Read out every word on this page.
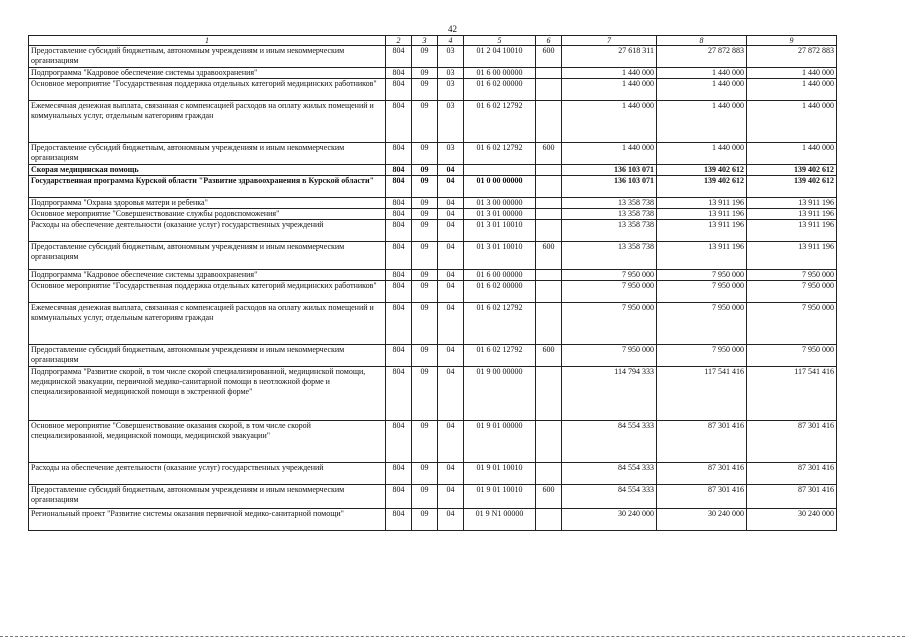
42
1	2	3	4	5	6	7	8	9
Предоставление субсидий бюджетным, автономным учреждениям и иным некоммерческим организациям	804	09	03	01 2 04 10010	600	27 618 311	27 872 883	27 872 883
Подпрограмма "Кадровое обеспечение системы здравоохранения"	804	09	03	01 6 00 00000		1 440 000	1 440 000	1 440 000
Основное мероприятие "Государственная поддержка отдельных категорий медицинских работников"	804	09	03	01 6 02 00000		1 440 000	1 440 000	1 440 000
Ежемесячная денежная выплата, связанная с компенсацией расходов на оплату жилых помещений и коммунальных услуг, отдельным категориям граждан	804	09	03	01 6 02 12792		1 440 000	1 440 000	1 440 000
Предоставление субсидий бюджетным, автономным учреждениям и иным некоммерческим организациям	804	09	03	01 6 02 12792	600	1 440 000	1 440 000	1 440 000
Скорая медицинская помощь	804	09	04			136 103 071	139 402 612	139 402 612
Государственная программа Курской области "Развитие здравоохранения в Курской области"	804	09	04	01 0 00 00000		136 103 071	139 402 612	139 402 612
Подпрограмма "Охрана здоровья матери и ребенка"	804	09	04	01 3 00 00000		13 358 738	13 911 196	13 911 196
Основное мероприятие "Совершенствование службы родовспоможения"	804	09	04	01 3 01 00000		13 358 738	13 911 196	13 911 196
Расходы на обеспечение деятельности (оказание услуг) государственных учреждений	804	09	04	01 3 01 10010		13 358 738	13 911 196	13 911 196
Предоставление субсидий бюджетным, автономным учреждениям и иным некоммерческим организациям	804	09	04	01 3 01 10010	600	13 358 738	13 911 196	13 911 196
Подпрограмма "Кадровое обеспечение системы здравоохранения"	804	09	04	01 6 00 00000		7 950 000	7 950 000	7 950 000
Основное мероприятие "Государственная поддержка отдельных категорий медицинских работников"	804	09	04	01 6 02 00000		7 950 000	7 950 000	7 950 000
Ежемесячная денежная выплата, связанная с компенсацией расходов на оплату жилых помещений и коммунальных услуг, отдельным категориям граждан	804	09	04	01 6 02 12792		7 950 000	7 950 000	7 950 000
Предоставление субсидий бюджетным, автономным учреждениям и иным некоммерческим организациям	804	09	04	01 6 02 12792	600	7 950 000	7 950 000	7 950 000
Подпрограмма "Развитие скорой, в том числе скорой специализированной, медицинской помощи, медицинской эвакуации, первичной медико-санитарной помощи в неотложной форме и специализированной медицинской помощи в экстренной форме"	804	09	04	01 9 00 00000		114 794 333	117 541 416	117 541 416
Основное мероприятие "Совершенствование оказания скорой, в том числе скорой специализированной, медицинской помощи, медицинской эвакуации"	804	09	04	01 9 01 00000		84 554 333	87 301 416	87 301 416
Расходы на обеспечение деятельности (оказание услуг) государственных учреждений	804	09	04	01 9 01 10010		84 554 333	87 301 416	87 301 416
Предоставление субсидий бюджетным, автономным учреждениям и иным некоммерческим организациям	804	09	04	01 9 01 10010	600	84 554 333	87 301 416	87 301 416
Региональный проект "Развитие системы оказания первичной медико-санитарной помощи"	804	09	04	01 9 N1 00000		30 240 000	30 240 000	30 240 000
